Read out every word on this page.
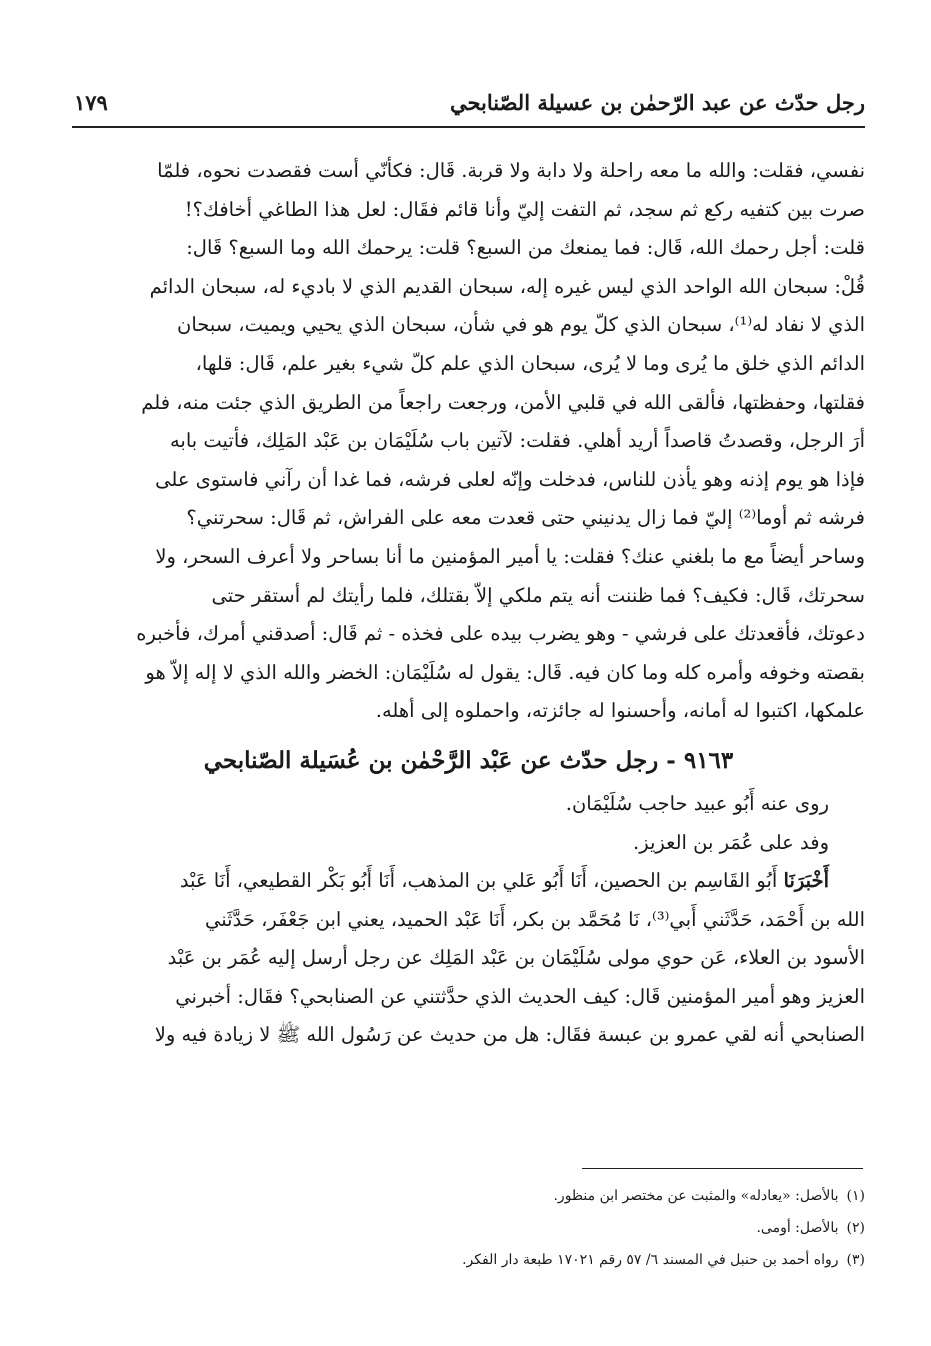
رجل حدّث عن عبد الرّحمٰن بن عسيلة الصّنابحي
١٧٩
نفسي، فقلت: والله ما معه راحلة ولا دابة ولا قربة. قَال: فكأنّي أست فقصدت نحوه، فلمّا
صرت بين كتفيه ركع ثم سجد، ثم التفت إليّ وأنا قائم فقَال: لعل هذا الطاغي أخافك؟!
قلت: أجل رحمك الله، قَال: فما يمنعك من السبع؟ قلت: يرحمك الله وما السبع؟ قَال:
قُلْ: سبحان الله الواحد الذي ليس غيره إله، سبحان القديم الذي لا باديء له، سبحان الدائم
الذي لا نفاد له⁽¹⁾، سبحان الذي كلّ يوم هو في شأن، سبحان الذي يحيي ويميت، سبحان
الدائم الذي خلق ما يُرى وما لا يُرى، سبحان الذي علم كلّ شيء بغير علم، قَال: قلها،
فقلتها، وحفظتها، فألقى الله في قلبي الأمن، ورجعت راجعاً من الطريق الذي جئت منه، فلم
أرَ الرجل، وقصدتُ قاصداً أريد أهلي. فقلت: لآتين باب سُلَيْمَان بن عَبْد المَلِك، فأتيت بابه
فإذا هو يوم إذنه وهو يأذن للناس، فدخلت وإنّه لعلى فرشه، فما غدا أن رآني فاستوى على
فرشه ثم أوما⁽²⁾ إليّ فما زال يدنيني حتى قعدت معه على الفراش، ثم قَال: سحرتني؟
وساحر أيضاً مع ما بلغني عنك؟ فقلت: يا أمير المؤمنين ما أنا بساحر ولا أعرف السحر، ولا
سحرتك، قَال: فكيف؟ فما ظننت أنه يتم ملكي إلاّ بقتلك، فلما رأيتك لم أستقر حتى
دعوتك، فأقعدتك على فرشي - وهو يضرب بيده على فخذه - ثم قَال: أصدقني أمرك، فأخبره
بقصته وخوفه وأمره كله وما كان فيه. قَال: يقول له سُلَيْمَان: الخضر والله الذي لا إله إلاّ هو
علمكها، اكتبوا له أمانه، وأحسنوا له جائزته، واحملوه إلى أهله.
٩١٦٣ - رجل حدّث عن عَبْد الرَّحْمٰن بن عُسَيلة الصّنابحي
روى عنه أَبُو عبيد حاجب سُلَيْمَان.
وفد على عُمَر بن العزيز.
أَخْبَرَنَا أَبُو القَاسِم بن الحصين، أَنَا أَبُو عَلي بن المذهب، أَنَا أَبُو بَكْر القطيعي، أَنَا عَبْد
الله بن أَحْمَد، حَدَّثَني أَبي⁽³⁾، نَا مُحَمَّد بن بكر، أَنَا عَبْد الحميد، يعني ابن جَعْفَر، حَدَّثَني
الأسود بن العلاء، عَن حوي مولى سُلَيْمَان بن عَبْد المَلِك عن رجل أرسل إليه عُمَر بن عَبْد
العزيز وهو أمير المؤمنين قَال: كيف الحديث الذي حدَّثتني عن الصنابحي؟ فقَال: أخبرني
الصنابحي أنه لقي عمرو بن عبسة فقَال: هل من حديث عن رَسُول الله ﷺ لا زيادة فيه ولا
(١)بالأصل: «يعادله» والمثبت عن مختصر ابن منظور.
(٢)بالأصل: أومى.
(٣)رواه أحمد بن حنبل في المسند ٦/ ٥٧ رقم ١٧٠٢١ طبعة دار الفكر.
